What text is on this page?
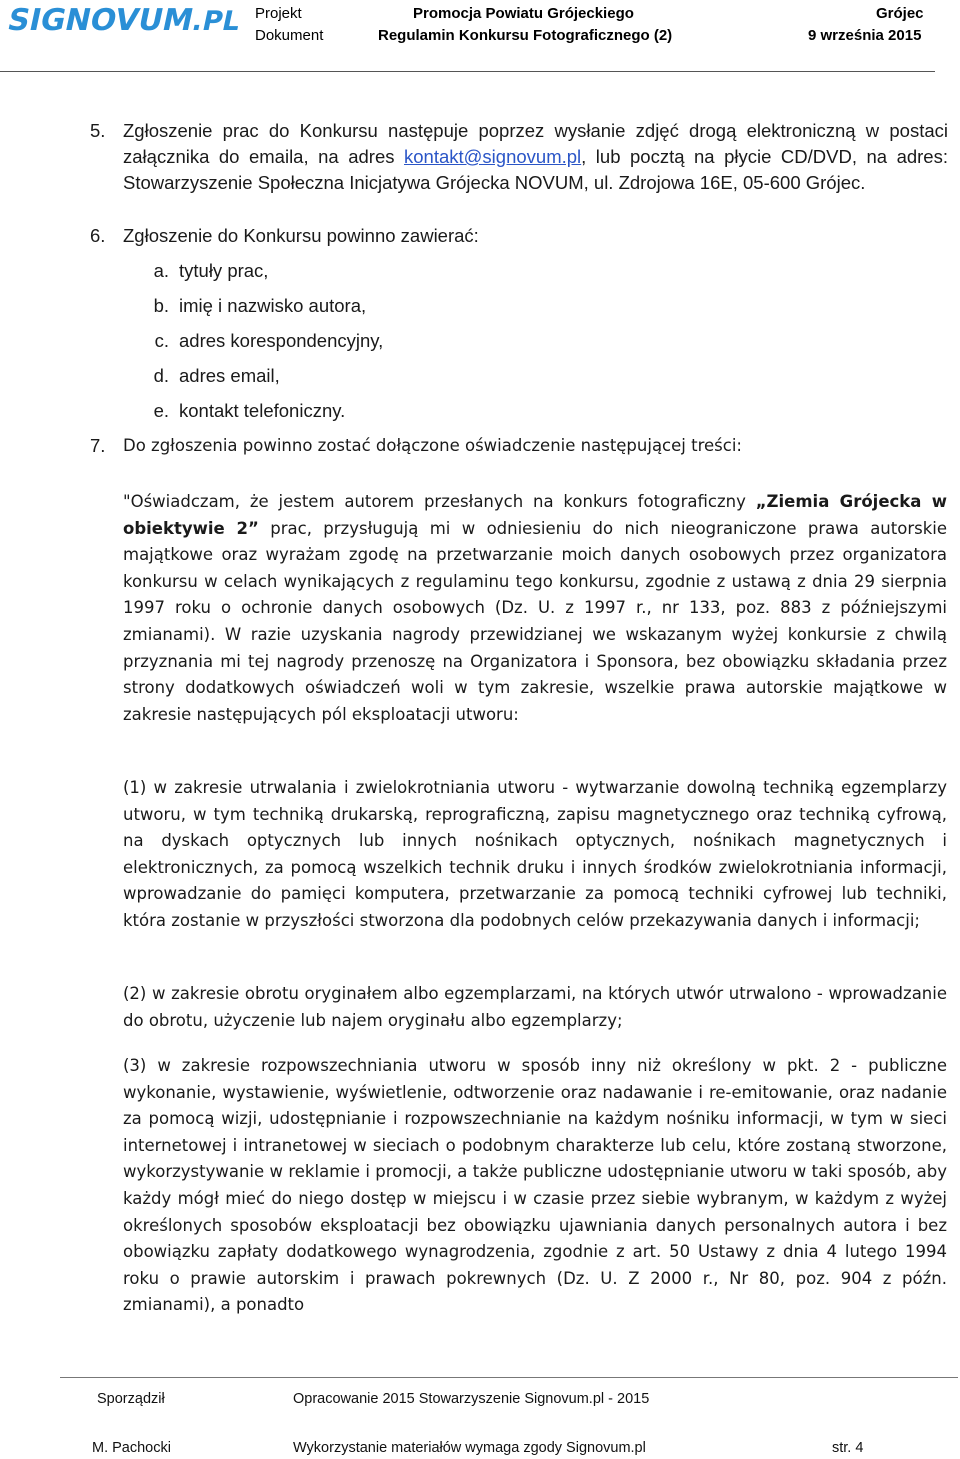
SIGNOVUM.PL Projekt	Promocja Powiatu Grójeckiego	Grójec
Dokument	Regulamin Konkursu Fotograficznego (2)	9 września 2015
5. Zgłoszenie prac do Konkursu następuje poprzez wysłanie zdjęć drogą elektroniczną w postaci załącznika do emaila, na adres kontakt@signovum.pl, lub pocztą na płycie CD/DVD, na adres: Stowarzyszenie Społeczna Inicjatywa Grójecka NOVUM, ul. Zdrojowa 16E, 05-600 Grójec.
6. Zgłoszenie do Konkursu powinno zawierać:
a. tytuły prac,
b. imię i nazwisko autora,
c. adres korespondencyjny,
d. adres email,
e. kontakt telefoniczny.
7. Do zgłoszenia powinno zostać dołączone oświadczenie następującej treści:
"Oświadczam, że jestem autorem przesłanych na konkurs fotograficzny „Ziemia Grójecka w obiektywie 2” prac, przysługują mi w odniesieniu do nich nieograniczone prawa autorskie majątkowe oraz wyrażam zgodę na przetwarzanie moich danych osobowych przez organizatora konkursu w celach wynikających z regulaminu tego konkursu, zgodnie z ustawą z dnia 29 sierpnia 1997 roku o ochronie danych osobowych (Dz. U. z 1997 r., nr 133, poz. 883 z późniejszymi zmianami). W razie uzyskania nagrody przewidzianej we wskazanym wyżej konkursie z chwilą przyznania mi tej nagrody przenoszę na Organizatora i Sponsora, bez obowiązku składania przez strony dodatkowych oświadczeń woli w tym zakresie, wszelkie prawa autorskie majątkowe w zakresie następujących pól eksploatacji utworu:
(1) w zakresie utrwalania i zwielokrotniania utworu - wytwarzanie dowolną techniką egzemplarzy utworu, w tym techniką drukarską, reprograficzną, zapisu magnetycznego oraz techniką cyfrową, na dyskach optycznych lub innych nośnikach optycznych, nośnikach magnetycznych i elektronicznych, za pomocą wszelkich technik druku i innych środków zwielokrotniania informacji, wprowadzanie do pamięci komputera, przetwarzanie za pomocą techniki cyfrowej lub techniki, która zostanie w przyszłości stworzona dla podobnych celów przekazywania danych i informacji;
(2) w zakresie obrotu oryginałem albo egzemplarzami, na których utwór utrwalono - wprowadzanie do obrotu, użyczenie lub najem oryginału albo egzemplarzy;
(3) w zakresie rozpowszechniania utworu w sposób inny niż określony w pkt. 2 - publiczne wykonanie, wystawienie, wyświetlenie, odtworzenie oraz nadawanie i re-emitowanie, oraz nadanie za pomocą wizji, udostępnianie i rozpowszechnianie na każdym nośniku informacji, w tym w sieci internetowej i intranetowej w sieciach o podobnym charakterze lub celu, które zostaną stworzone, wykorzystywanie w reklamie i promocji, a także publiczne udostępnianie utworu w taki sposób, aby każdy mógł mieć do niego dostęp w miejscu i w czasie przez siebie wybranym, w każdym z wyżej określonych sposobów eksploatacji bez obowiązku ujawniania danych personalnych autora i bez obowiązku zapłaty dodatkowego wynagrodzenia, zgodnie z art. 50 Ustawy z dnia 4 lutego 1994 roku o prawie autorskim i prawach pokrewnych (Dz. U. Z 2000 r., Nr 80, poz. 904 z późn. zmianami), a ponadto
Sporządził	Opracowanie 2015 Stowarzyszenie Signovum.pl - 2015
M. Pachocki	Wykorzystanie materiałów wymaga zgody Signovum.pl	str. 4
